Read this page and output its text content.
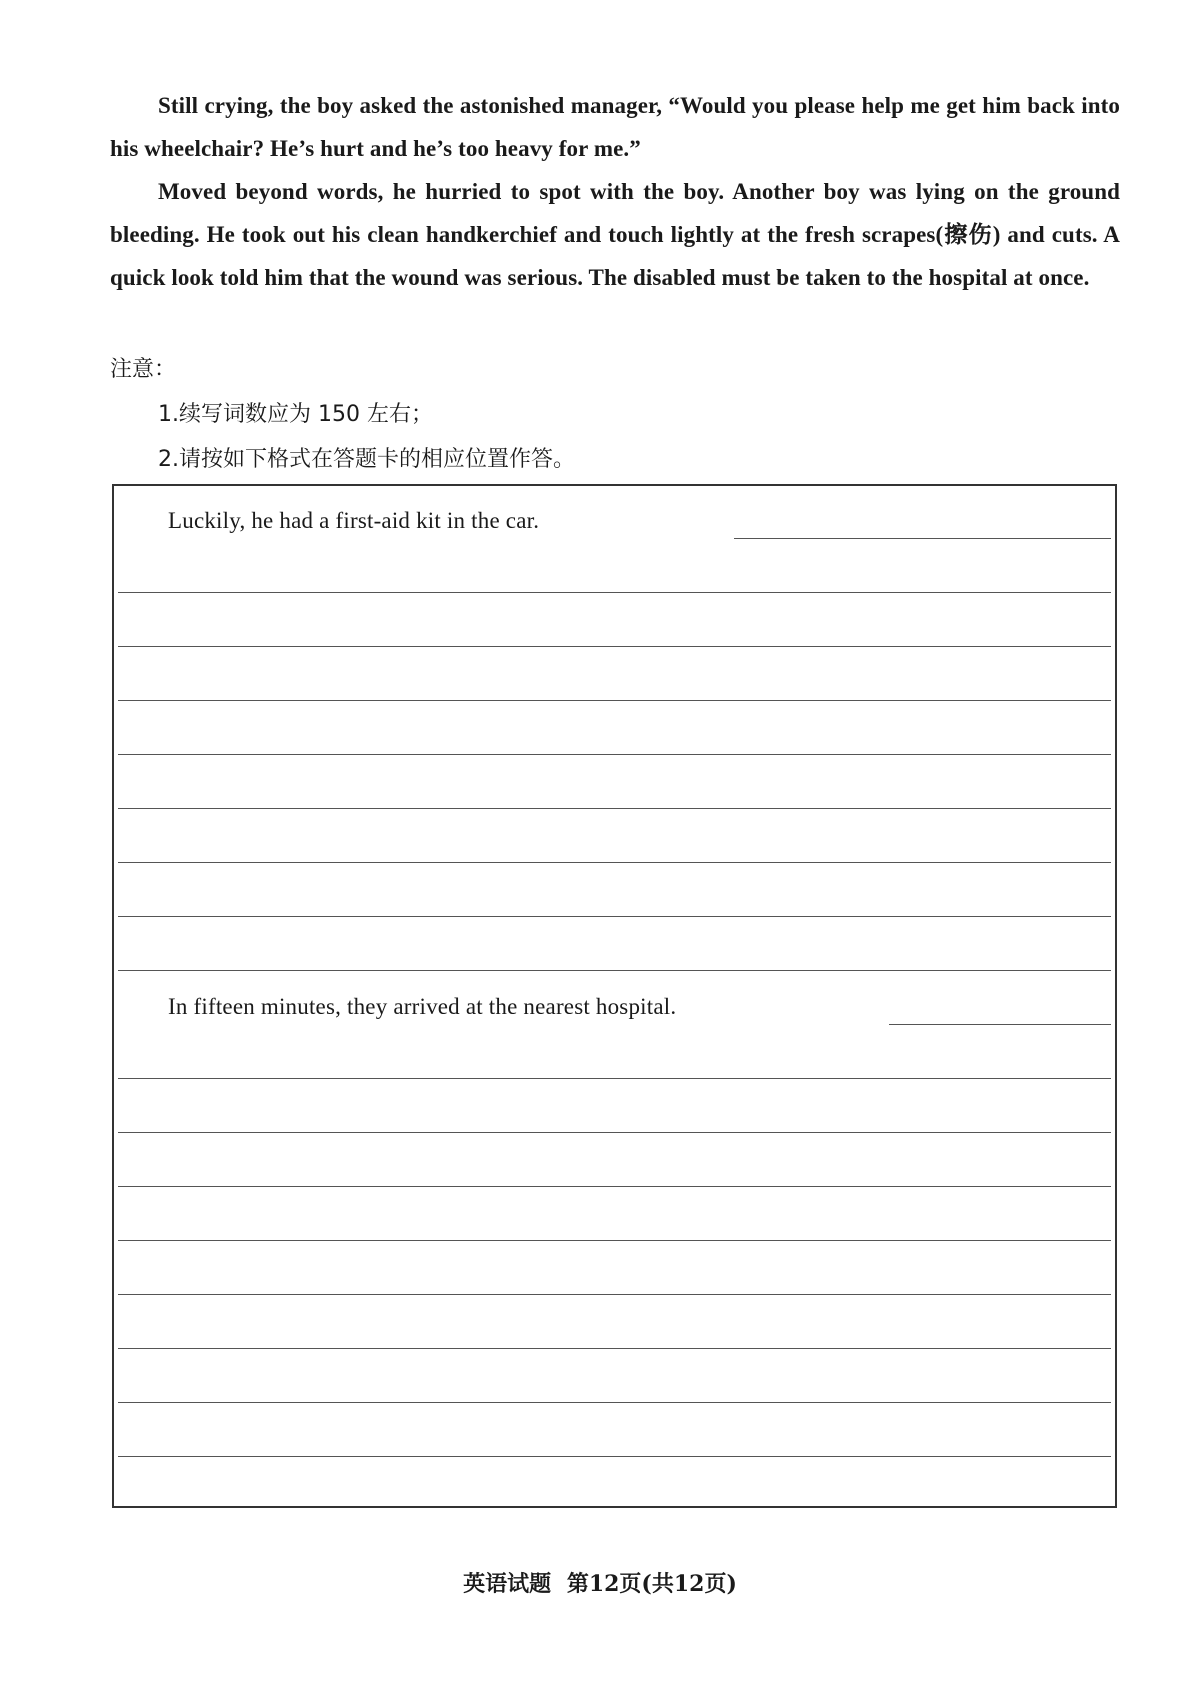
Still crying, the boy asked the astonished manager, “Would you please help me get him back into his wheelchair? He’s hurt and he’s too heavy for me.”

Moved beyond words, he hurried to spot with the boy. Another boy was lying on the ground bleeding. He took out his clean handkerchief and touch lightly at the fresh scrapes(擦伤) and cuts. A quick look told him that the wound was serious. The disabled must be taken to the hospital at once.

注意：
1.续写词数应为 150 左右；
2.请按如下格式在答题卡的相应位置作答。
Luckily, he had a first-aid kit in the car.
In fifteen minutes, they arrived at the nearest hospital.
英语试题 第12页(共12页)
